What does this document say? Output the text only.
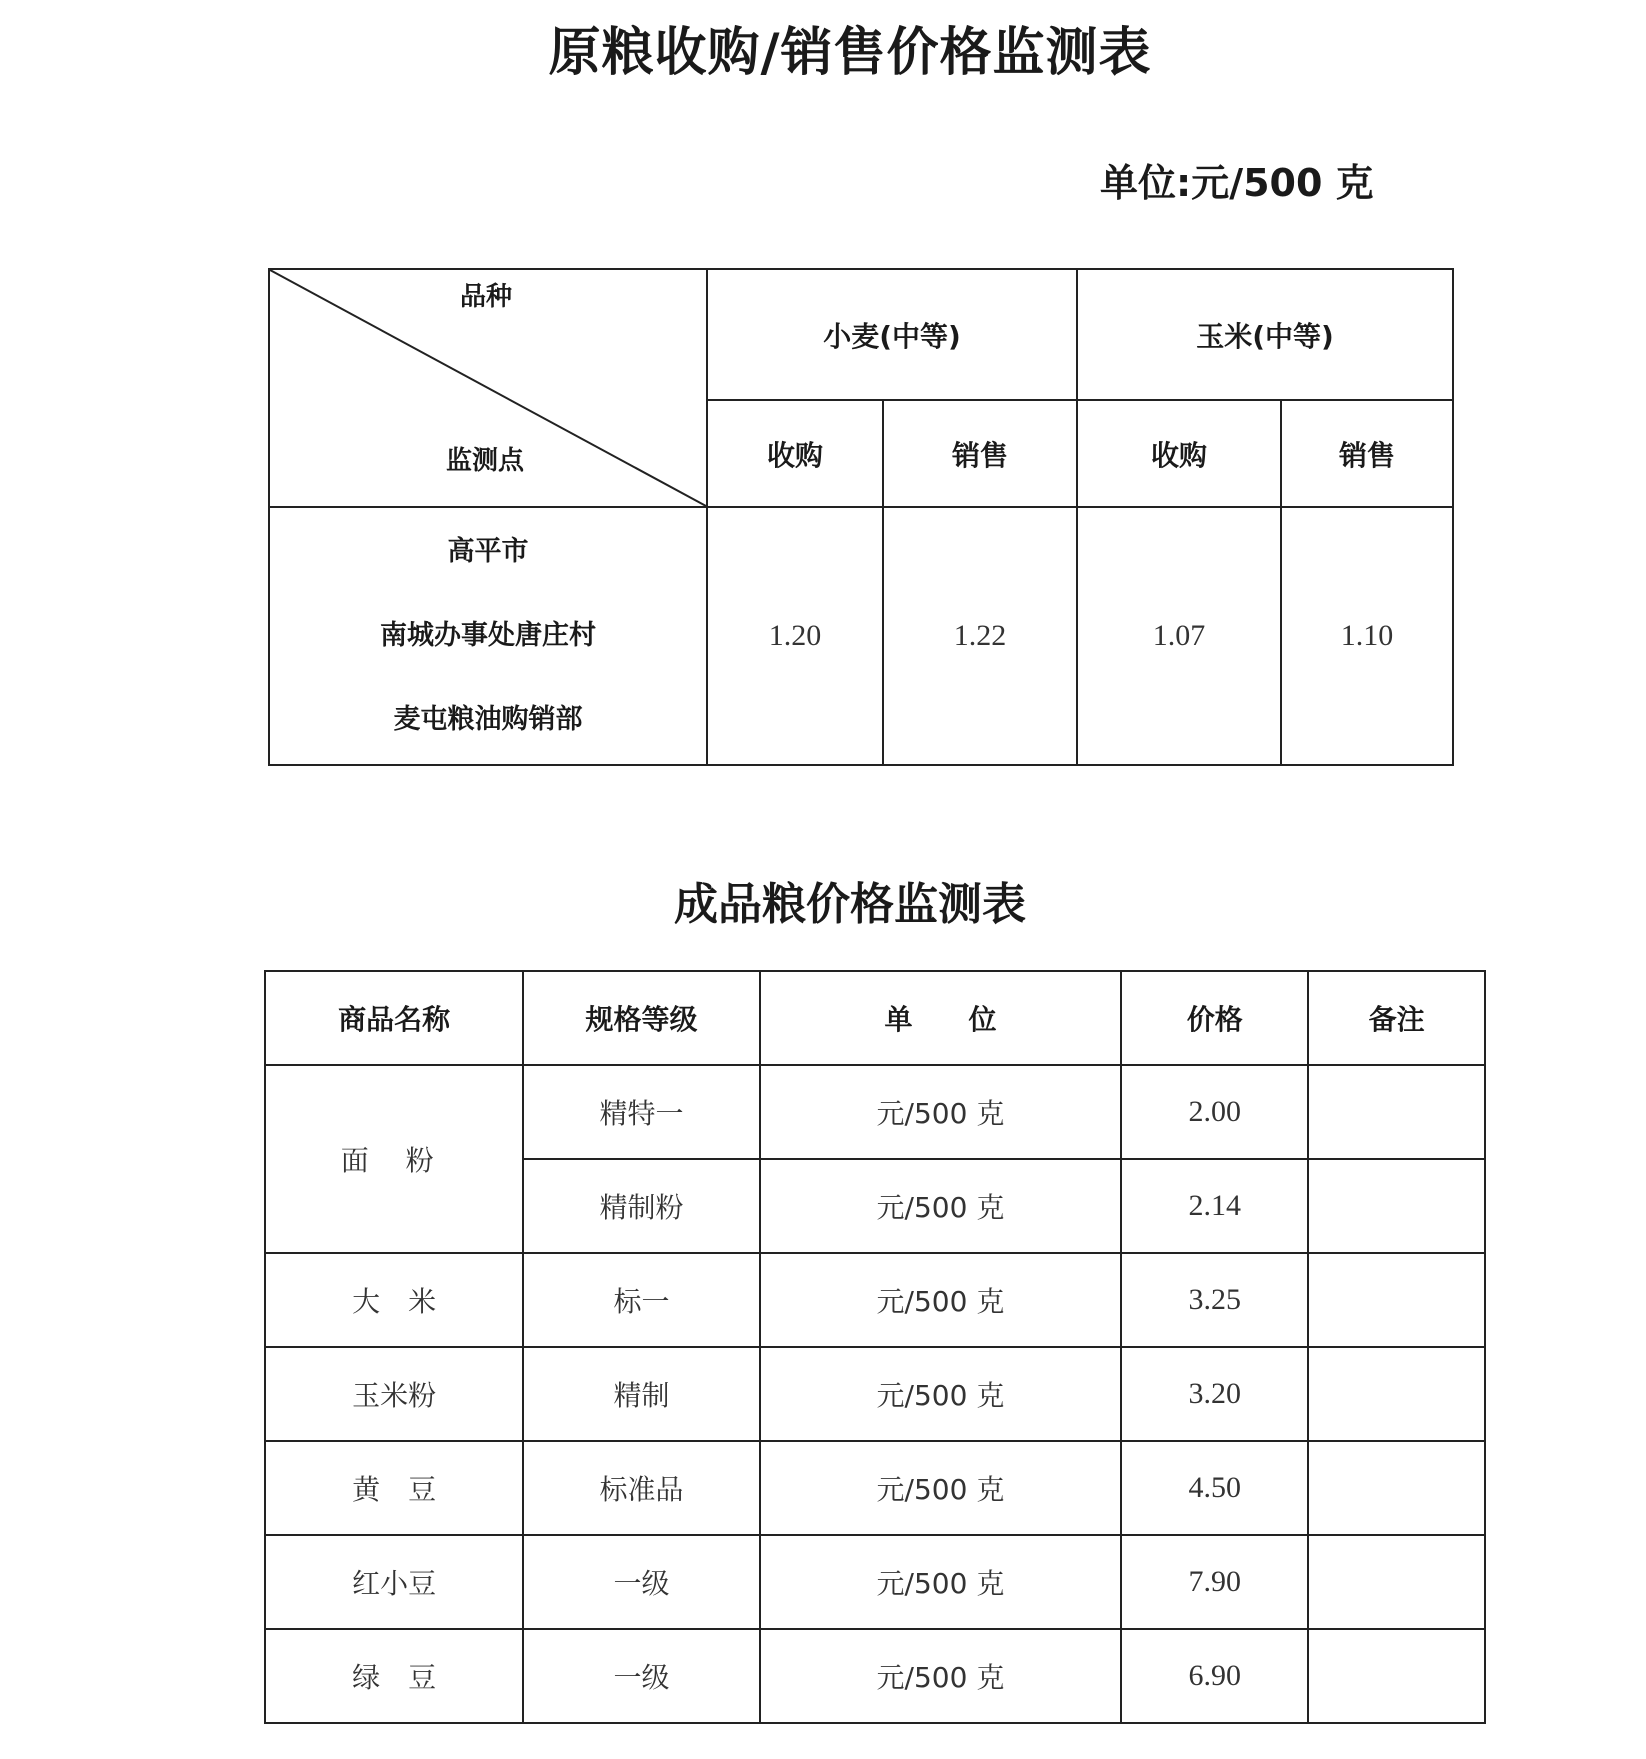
原粮收购/销售价格监测表
单位:元/500 克
品种
监测点	小麦(中等)		玉米(中等)	
	收购	销售	收购	销售

高平市
南城办事处唐庄村
麦屯粮油购销部	1.20	1.22	1.07	1.10
成品粮价格监测表
商品名称	规格等级	单　　位	价格	备注
面 粉	精特一	元/500 克	2.00	
	精制粉	元/500 克	2.14	
大　米	标一	元/500 克	3.25	
玉米粉	精制	元/500 克	3.20	
黄　豆	标准品	元/500 克	4.50	
红小豆	一级	元/500 克	7.90	
绿　豆	一级	元/500 克	6.90	
